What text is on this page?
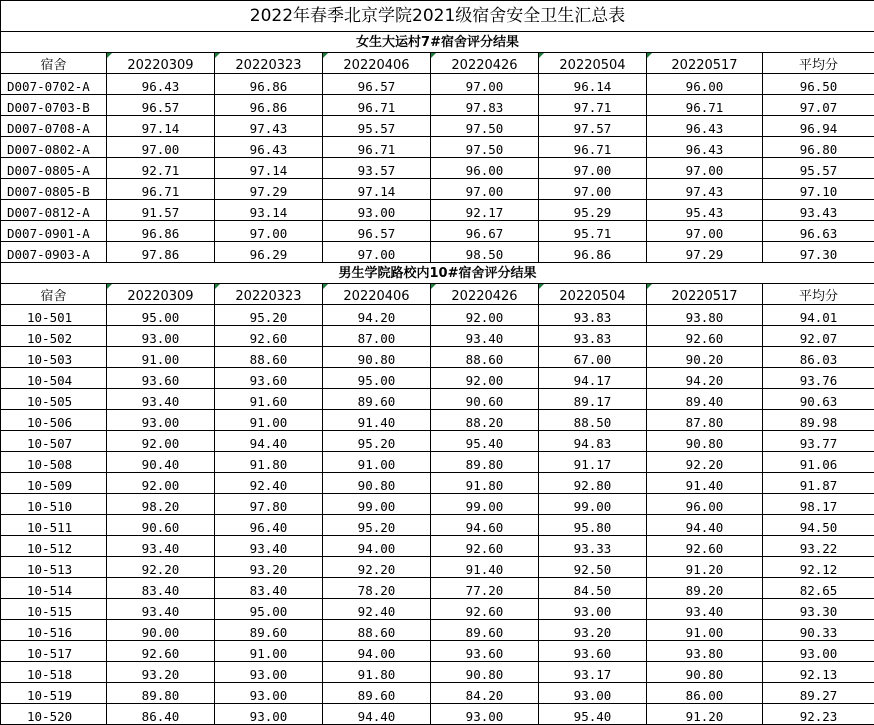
2022年春季北京学院2021级宿舍安全卫生汇总表							
女生大运村7#宿舍评分结果							
宿舍	20220309	20220323	20220406	20220426	20220504	20220517	平均分
D007-0702-A	96.43	96.86	96.57	97.00	96.14	96.00	96.50
D007-0703-B	96.57	96.86	96.71	97.83	97.71	96.71	97.07
D007-0708-A	97.14	97.43	95.57	97.50	97.57	96.43	96.94
D007-0802-A	97.00	96.43	96.71	97.50	96.71	96.43	96.80
D007-0805-A	92.71	97.14	93.57	96.00	97.00	97.00	95.57
D007-0805-B	96.71	97.29	97.14	97.00	97.00	97.43	97.10
D007-0812-A	91.57	93.14	93.00	92.17	95.29	95.43	93.43
D007-0901-A	96.86	97.00	96.57	96.67	95.71	97.00	96.63
D007-0903-A	97.86	96.29	97.00	98.50	96.86	97.29	97.30
男生学院路校内10#宿舍评分结果							
宿舍	20220309	20220323	20220406	20220426	20220504	20220517	平均分
10-501	95.00	95.20	94.20	92.00	93.83	93.80	94.01
10-502	93.00	92.60	87.00	93.40	93.83	92.60	92.07
10-503	91.00	88.60	90.80	88.60	67.00	90.20	86.03
10-504	93.60	93.60	95.00	92.00	94.17	94.20	93.76
10-505	93.40	91.60	89.60	90.60	89.17	89.40	90.63
10-506	93.00	91.00	91.40	88.20	88.50	87.80	89.98
10-507	92.00	94.40	95.20	95.40	94.83	90.80	93.77
10-508	90.40	91.80	91.00	89.80	91.17	92.20	91.06
10-509	92.00	92.40	90.80	91.80	92.80	91.40	91.87
10-510	98.20	97.80	99.00	99.00	99.00	96.00	98.17
10-511	90.60	96.40	95.20	94.60	95.80	94.40	94.50
10-512	93.40	93.40	94.00	92.60	93.33	92.60	93.22
10-513	92.20	93.20	92.20	91.40	92.50	91.20	92.12
10-514	83.40	83.40	78.20	77.20	84.50	89.20	82.65
10-515	93.40	95.00	92.40	92.60	93.00	93.40	93.30
10-516	90.00	89.60	88.60	89.60	93.20	91.00	90.33
10-517	92.60	91.00	94.00	93.60	93.60	93.80	93.00
10-518	93.20	93.00	91.80	90.80	93.17	90.80	92.13
10-519	89.80	93.00	89.60	84.20	93.00	86.00	89.27
10-520	86.40	93.00	94.40	93.00	95.40	91.20	92.23
